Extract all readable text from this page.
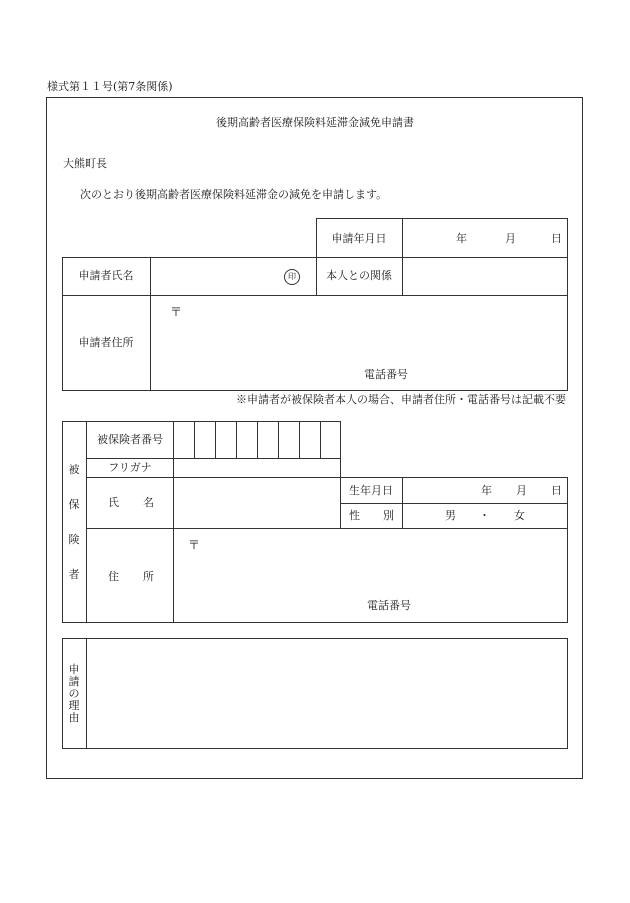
様式第１１号(第7条関係)
後期高齢者医療保険料延滞金減免申請書
大熊町長
次のとおり後期高齢者医療保険料延滞金の減免を申請します。
申請年月日	年	月	日
申請者氏名	印	本人との関係
申請者住所
〒
電話番号
※申請者が被保険者本人の場合、申請者住所・電話番号は記載不要
被
保
険
者
被保険者番号
フリガナ
氏 名
生年月日	年 月 日
性 別	男 ・ 女
住 所
〒
電話番号
申
請
の
理
由
